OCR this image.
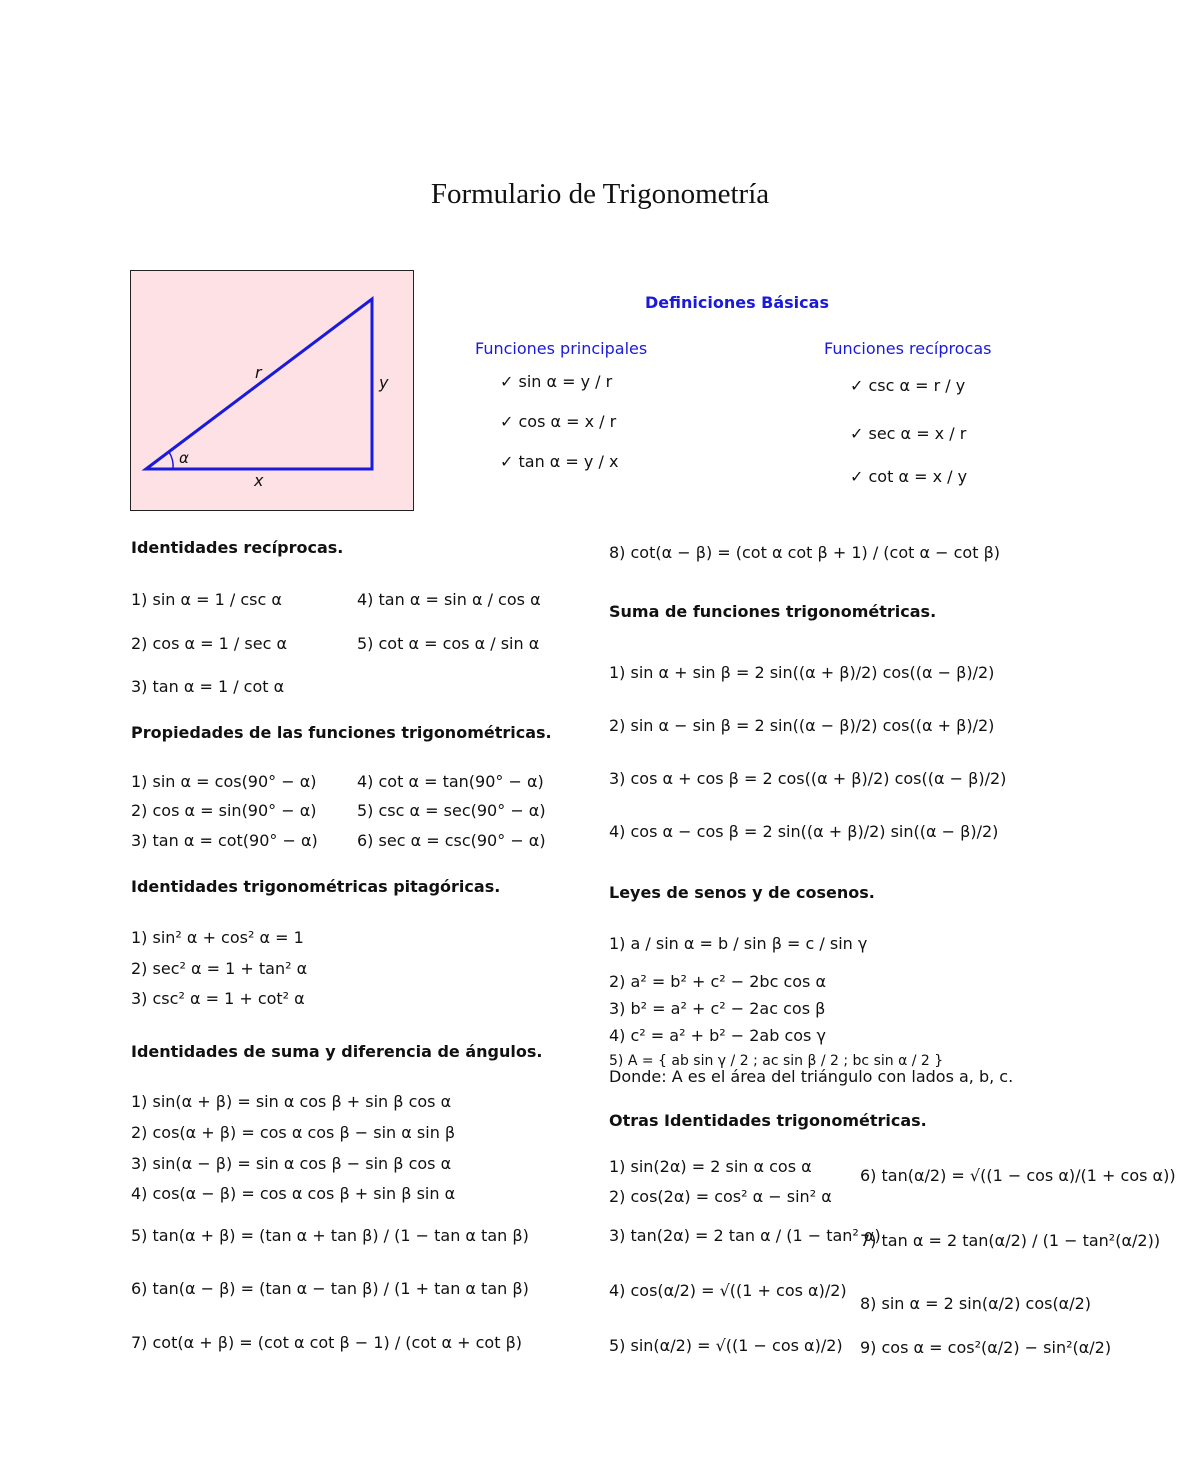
Formulario de Trigonometría
r
y
x
α
Definiciones Básicas
Funciones principales	Funciones recíprocas
✓ sin α = y / r
✓ cos α = x / r
✓ tan α = y / x
✓ csc α = r / y
✓ sec α = x / r
✓ cot α = x / y
Identidades recíprocas.
1) sin α = 1 / csc α
2) cos α = 1 / sec α
3) tan α = 1 / cot α
4) tan α = sin α / cos α
5) cot α = cos α / sin α
Propiedades de las funciones trigonométricas.
1) sin α = cos(90° − α)
2) cos α = sin(90° − α)
3) tan α = cot(90° − α)
4) cot α = tan(90° − α)
5) csc α = sec(90° − α)
6) sec α = csc(90° − α)
Identidades trigonométricas pitagóricas.
1) sin² α + cos² α = 1
2) sec² α = 1 + tan² α
3) csc² α = 1 + cot² α
Identidades de suma y diferencia de ángulos.
1) sin(α + β) = sin α cos β + sin β cos α
2) cos(α + β) = cos α cos β − sin α sin β
3) sin(α − β) = sin α cos β − sin β cos α
4) cos(α − β) = cos α cos β + sin β sin α
5) tan(α + β) = (tan α + tan β) / (1 − tan α tan β)
6) tan(α − β) = (tan α − tan β) / (1 + tan α tan β)
7) cot(α + β) = (cot α cot β − 1) / (cot α + cot β)
8) cot(α − β) = (cot α cot β + 1) / (cot α − cot β)
Suma de funciones trigonométricas.
1) sin α + sin β = 2 sin((α + β)/2) cos((α − β)/2)
2) sin α − sin β = 2 sin((α − β)/2) cos((α + β)/2)
3) cos α + cos β = 2 cos((α + β)/2) cos((α − β)/2)
4) cos α − cos β = 2 sin((α + β)/2) sin((α − β)/2)
Leyes de senos y de cosenos.
1) a / sin α = b / sin β = c / sin γ
2) a² = b² + c² − 2bc cos α
3) b² = a² + c² − 2ac cos β
4) c² = a² + b² − 2ab cos γ
5) A = { ab sin γ / 2 ; ac sin β / 2 ; bc sin α / 2 }
Donde: A es el área del triángulo con lados a, b, c.
Otras Identidades trigonométricas.
1) sin(2α) = 2 sin α cos α
2) cos(2α) = cos² α − sin² α
3) tan(2α) = 2 tan α / (1 − tan² α)
4) cos(α/2) = √((1 + cos α)/2)
5) sin(α/2) = √((1 − cos α)/2)
6) tan(α/2) = √((1 − cos α)/(1 + cos α))
7) tan α = 2 tan(α/2) / (1 − tan²(α/2))
8) sin α = 2 sin(α/2) cos(α/2)
9) cos α = cos²(α/2) − sin²(α/2)
